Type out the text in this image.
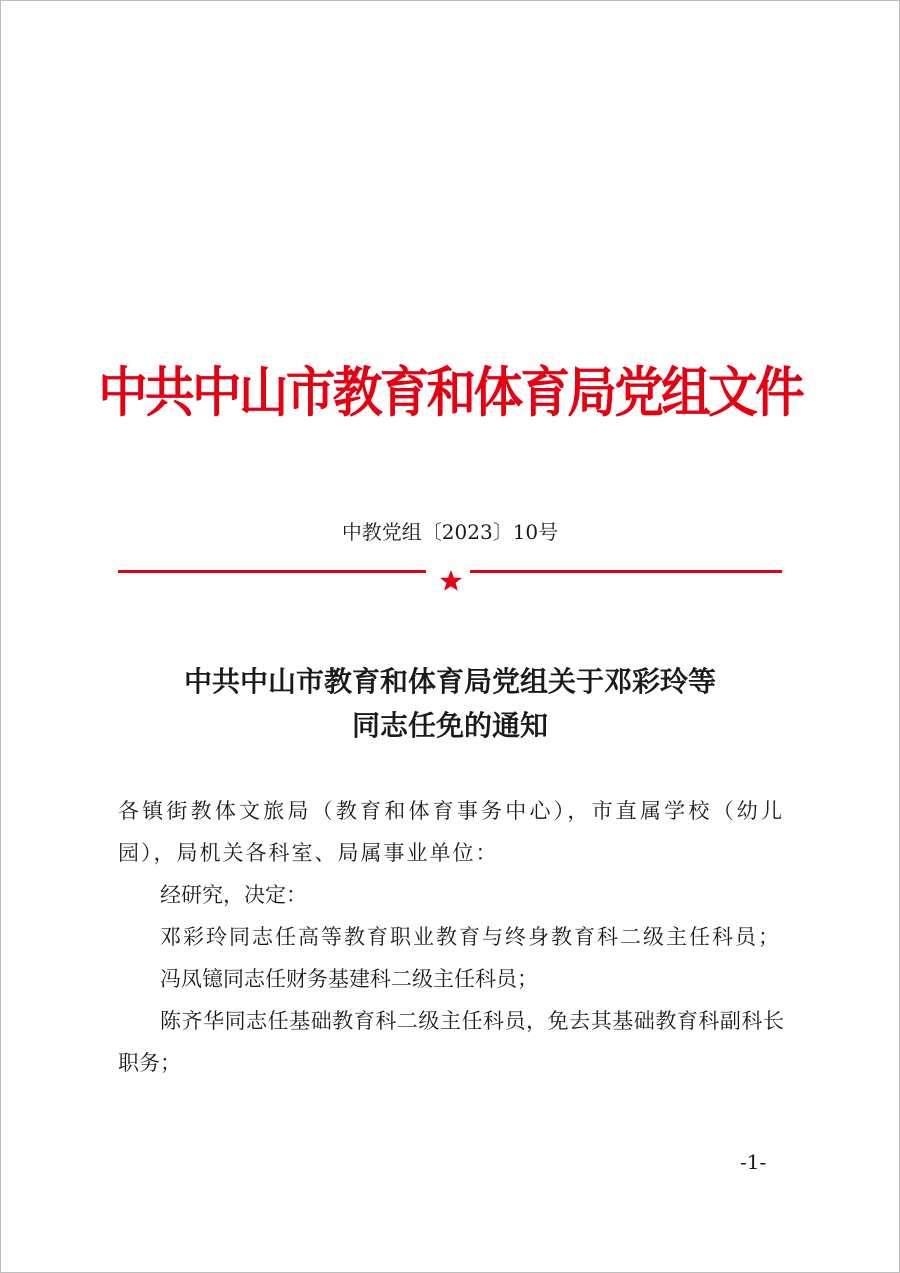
中共中山市教育和体育局党组文件
中教党组〔2023〕10号
中共中山市教育和体育局党组关于邓彩玲等
同志任免的通知

各镇街教体文旅局（教育和体育事务中心），市直属学校（幼儿园），局机关各科室、局属事业单位：

经研究，决定：

邓彩玲同志任高等教育职业教育与终身教育科二级主任科员；

冯凤镱同志任财务基建科二级主任科员；

陈齐华同志任基础教育科二级主任科员，免去其基础教育科副科长职务；

-1-
